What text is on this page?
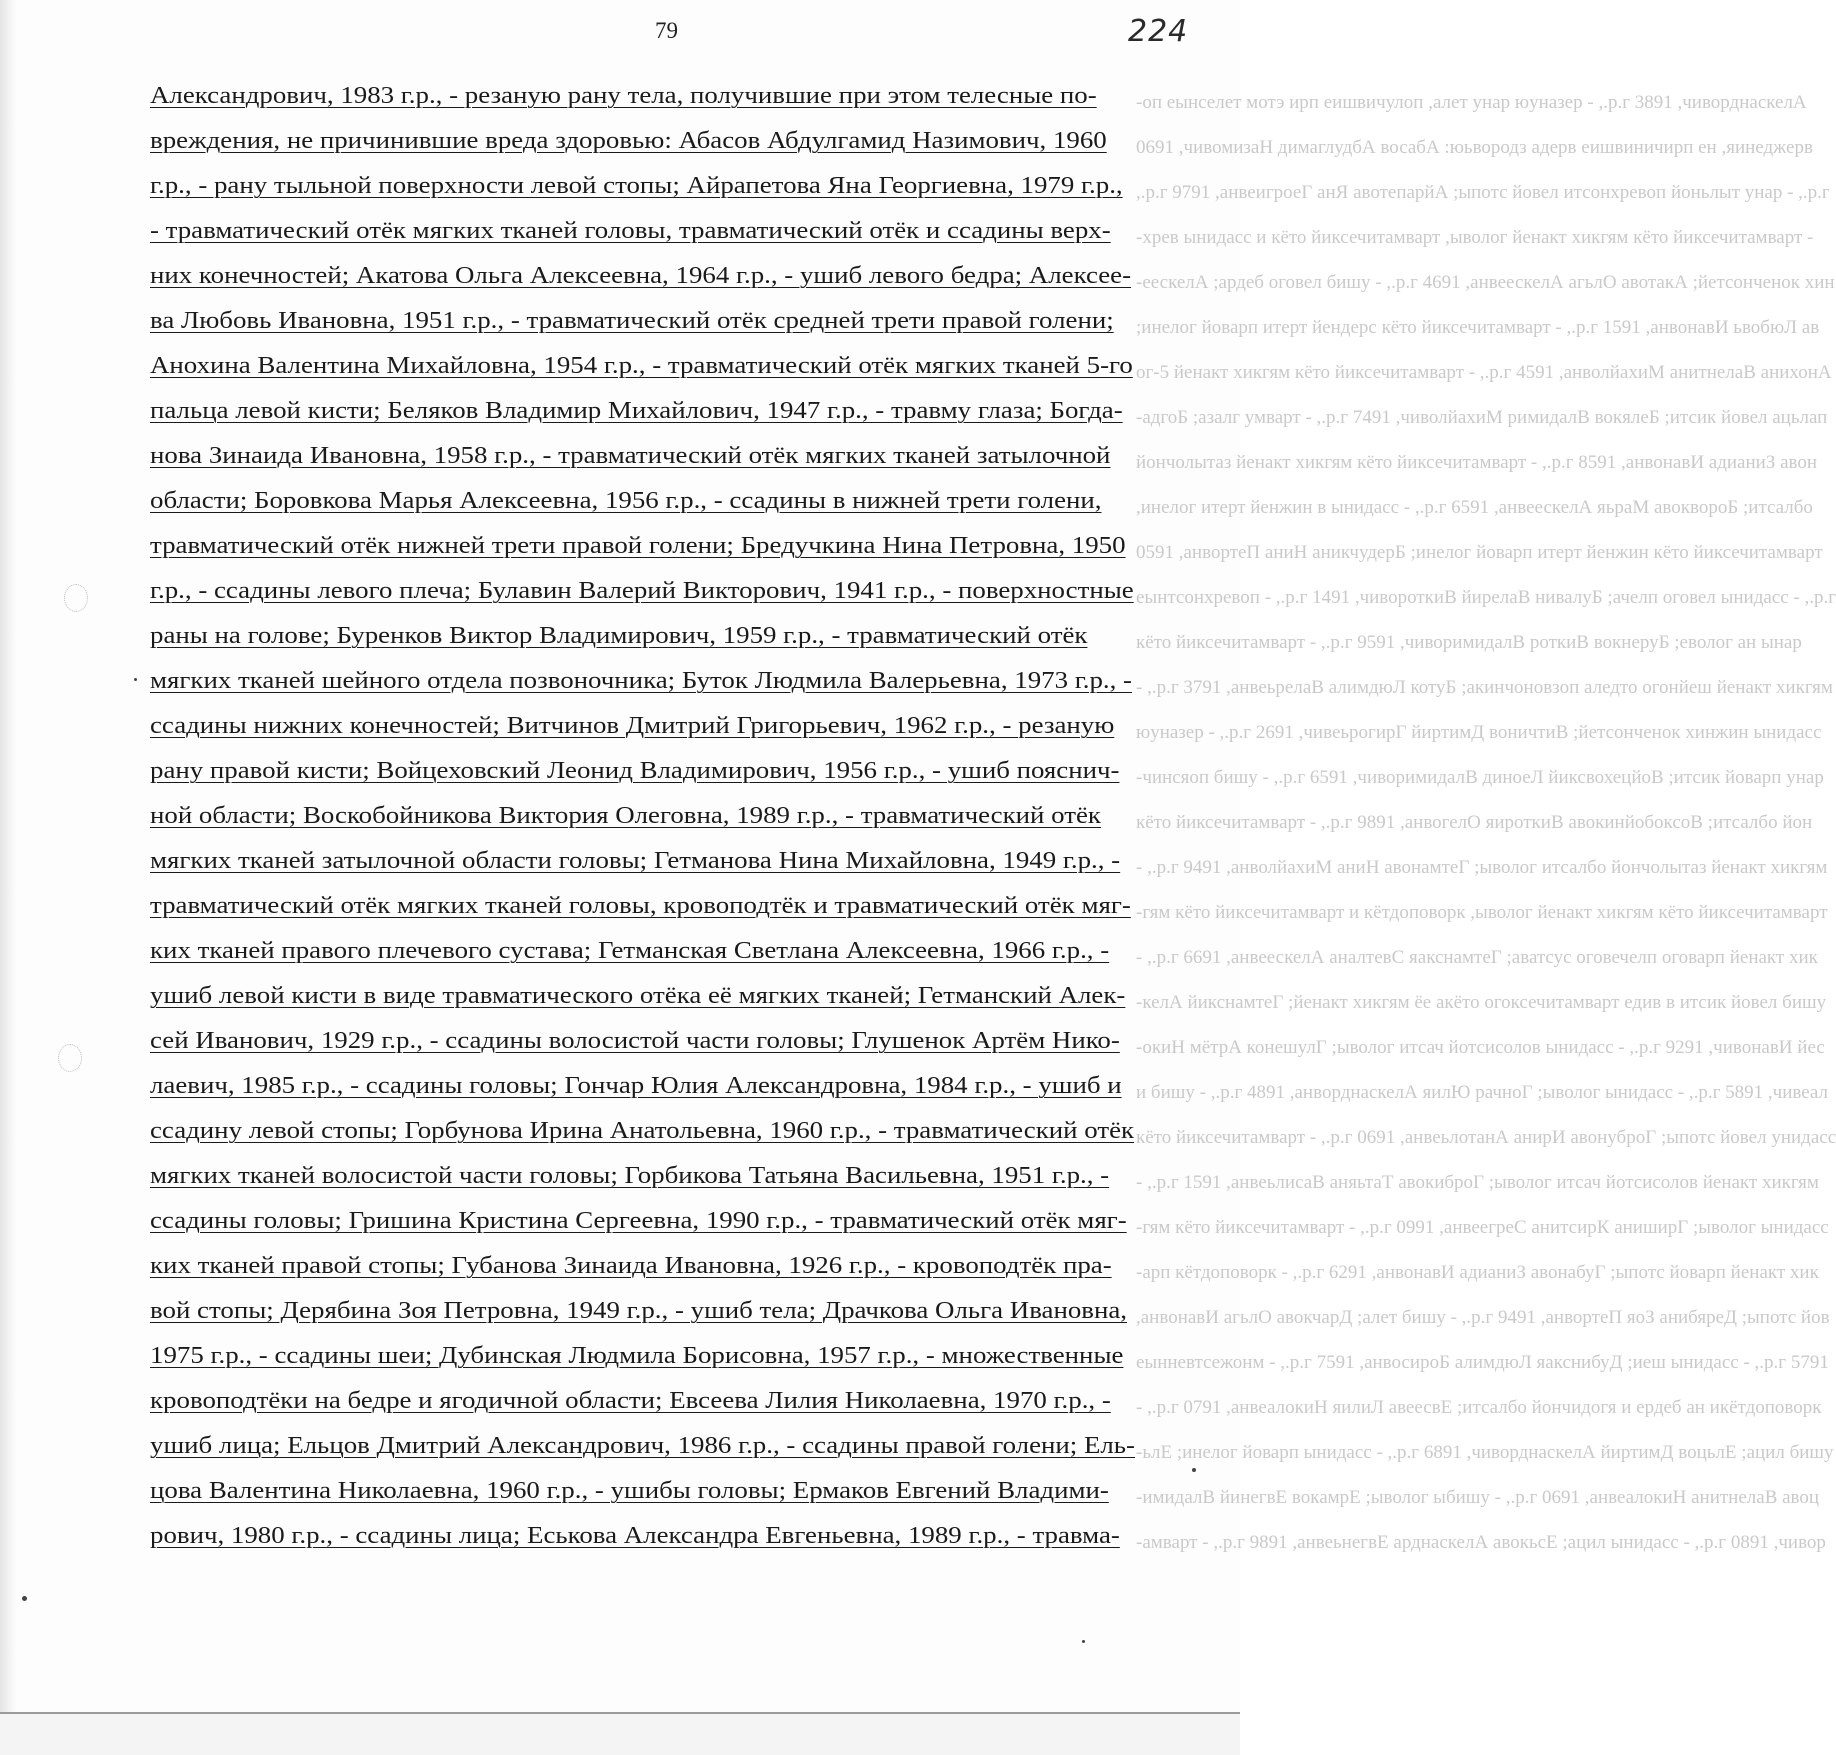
79	224
-оп еынселет мотэ ирп еишвичулоп ,алет унар юуназер - ,.р.г 3891 ,чиворднаскелА
0691 ,чивомизаН димаглудбА восабА :юьвородз адерв еишвиничирп ен ,яинеджерв
,.р.г 9791 ,анвеигроеГ анЯ авотепарйА ;ыпотс йовел итсонхревоп йоньлыт унар - ,.р.г
-хрев ынидасс и кёто йиксечитамварт ,ыволог йенакт хикгям кёто йиксечитамварт -
-еескелА ;ардеб оговел бишу - ,.р.г 4691 ,анвеескелА агьлО авотакА ;йетсонченок хин
;инелог йоварп итерт йендерс кёто йиксечитамварт - ,.р.г 1591 ,анвонавИ ьвобюЛ ав
ог-5 йенакт хикгям кёто йиксечитамварт - ,.р.г 4591 ,анволйахиМ анитнелаВ анихонА
-адгоБ ;азалг умварт - ,.р.г 7491 ,чиволйахиМ римидалВ вокялеБ ;итсик йовел ацьлап
йончолытаз йенакт хикгям кёто йиксечитамварт - ,.р.г 8591 ,анвонавИ адианиЗ авон
,инелог итерт йенжин в ынидасс - ,.р.г 6591 ,анвеескелА яьраМ авоквороБ ;итсалбо
0591 ,анвортеП аниН аникчудерБ ;инелог йоварп итерт йенжин кёто йиксечитамварт
еынтсонхревоп - ,.р.г 1491 ,чивороткиВ йирелаВ нивалуБ ;ачелп оговел ынидасс - ,.р.г
кёто йиксечитамварт - ,.р.г 9591 ,чиворимидалВ роткиВ вокнеруБ ;еволог ан ынар
- ,.р.г 3791 ,анвеьрелаВ алимдюЛ котуБ ;акинчоновзоп аледто огонйеш йенакт хикгям
юуназер - ,.р.г 2691 ,чивеьрогирГ йиртимД воничтиВ ;йетсонченок хинжин ынидасс
-чинсяоп бишу - ,.р.г 6591 ,чиворимидалВ диноеЛ йиксвохецйоВ ;итсик йоварп унар
кёто йиксечитамварт - ,.р.г 9891 ,анвогелО яироткиВ авокинйобоксоВ ;итсалбо йон
- ,.р.г 9491 ,анволйахиМ аниН авонамтеГ ;ыволог итсалбо йончолытаз йенакт хикгям
-гям кёто йиксечитамварт и кётдоповорк ,ыволог йенакт хикгям кёто йиксечитамварт
- ,.р.г 6691 ,анвеескелА аналтевС яакснамтеГ ;аватсус оговечелп оговарп йенакт хик
-келА йикснамтеГ ;йенакт хикгям ёе акёто огоксечитамварт едив в итсик йовел бишу
-окиН мётрА конешулГ ;ыволог итсач йотсисолов ынидасс - ,.р.г 9291 ,чивонавИ йес
и бишу - ,.р.г 4891 ,анворднаскелА яилЮ рачноГ ;ыволог ынидасс - ,.р.г 5891 ,чивеал
кёто йиксечитамварт - ,.р.г 0691 ,анвеьлотанА анирИ авонуброГ ;ыпотс йовел унидасс
- ,.р.г 1591 ,анвеьлисаВ аняьтаТ авокиброГ ;ыволог итсач йотсисолов йенакт хикгям
-гям кёто йиксечитамварт - ,.р.г 0991 ,анвеегреС анитсирК аниширГ ;ыволог ынидасс
-арп кётдоповорк - ,.р.г 6291 ,анвонавИ адианиЗ авонабуГ ;ыпотс йоварп йенакт хик
,анвонавИ агьлО авокчарД ;алет бишу - ,.р.г 9491 ,анвортеП яоЗ анибяреД ;ыпотс йов
еынневтсежонм - ,.р.г 7591 ,анвосироБ алимдюЛ яакснибуД ;иеш ынидасс - ,.р.г 5791
- ,.р.г 0791 ,анвеалокиН яилиЛ авеесвЕ ;итсалбо йончидогя и ердеб ан икётдоповорк
-ьлЕ ;инелог йоварп ынидасс - ,.р.г 6891 ,чиворднаскелА йиртимД воцьлЕ ;ацил бишу
-имидалВ йинегвЕ вокамрЕ ;ыволог ыбишу - ,.р.г 0691 ,анвеалокиН анитнелаВ авоц
-амварт - ,.р.г 9891 ,анвеьнегвЕ арднаскелА авокьсЕ ;ацил ынидасс - ,.р.г 0891 ,чивор
Александрович, 1983 г.р., - резаную рану тела, получившие при этом телесные по-
вреждения, не причинившие вреда здоровью: Абасов Абдулгамид Назимович, 1960
г.р., - рану тыльной поверхности левой стопы; Айрапетова Яна Георгиевна, 1979 г.р.,
- травматический отёк мягких тканей головы, травматический отёк и ссадины верх-
них конечностей; Акатова Ольга Алексеевна, 1964 г.р., - ушиб левого бедра; Алексее-
ва Любовь Ивановна, 1951 г.р., - травматический отёк средней трети правой голени;
Анохина Валентина Михайловна, 1954 г.р., - травматический отёк мягких тканей 5-го
пальца левой кисти; Беляков Владимир Михайлович, 1947 г.р., - травму глаза; Богда-
нова Зинаида Ивановна, 1958 г.р., - травматический отёк мягких тканей затылочной
области; Боровкова Марья Алексеевна, 1956 г.р., - ссадины в нижней трети голени,
травматический отёк нижней трети правой голени; Бредучкина Нина Петровна, 1950
г.р., - ссадины левого плеча; Булавин Валерий Викторович, 1941 г.р., - поверхностные
раны на голове; Буренков Виктор Владимирович, 1959 г.р., - травматический отёк
мягких тканей шейного отдела позвоночника; Буток Людмила Валерьевна, 1973 г.р., -
ссадины нижних конечностей; Витчинов Дмитрий Григорьевич, 1962 г.р., - резаную
рану правой кисти; Войцеховский Леонид Владимирович, 1956 г.р., - ушиб пояснич-
ной области; Воскобойникова Виктория Олеговна, 1989 г.р., - травматический отёк
мягких тканей затылочной области головы; Гетманова Нина Михайловна, 1949 г.р., -
травматический отёк мягких тканей головы, кровоподтёк и травматический отёк мяг-
ких тканей правого плечевого сустава; Гетманская Светлана Алексеевна, 1966 г.р., -
ушиб левой кисти в виде травматического отёка её мягких тканей; Гетманский Алек-
сей Иванович, 1929 г.р., - ссадины волосистой части головы; Глушенок Артём Нико-
лаевич, 1985 г.р., - ссадины головы; Гончар Юлия Александровна, 1984 г.р., - ушиб и
ссадину левой стопы; Горбунова Ирина Анатольевна, 1960 г.р., - травматический отёк
мягких тканей волосистой части головы; Горбикова Татьяна Васильевна, 1951 г.р., -
ссадины головы; Гришина Кристина Сергеевна, 1990 г.р., - травматический отёк мяг-
ких тканей правой стопы; Губанова Зинаида Ивановна, 1926 г.р., - кровоподтёк пра-
вой стопы; Дерябина Зоя Петровна, 1949 г.р., - ушиб тела; Драчкова Ольга Ивановна,
1975 г.р., - ссадины шеи; Дубинская Людмила Борисовна, 1957 г.р., - множественные
кровоподтёки на бедре и ягодичной области; Евсеева Лилия Николаевна, 1970 г.р., -
ушиб лица; Ельцов Дмитрий Александрович, 1986 г.р., - ссадины правой голени; Ель-
цова Валентина Николаевна, 1960 г.р., - ушибы головы; Ермаков Евгений Владими-
рович, 1980 г.р., - ссадины лица; Еськова Александра Евгеньевна, 1989 г.р., - травма-
